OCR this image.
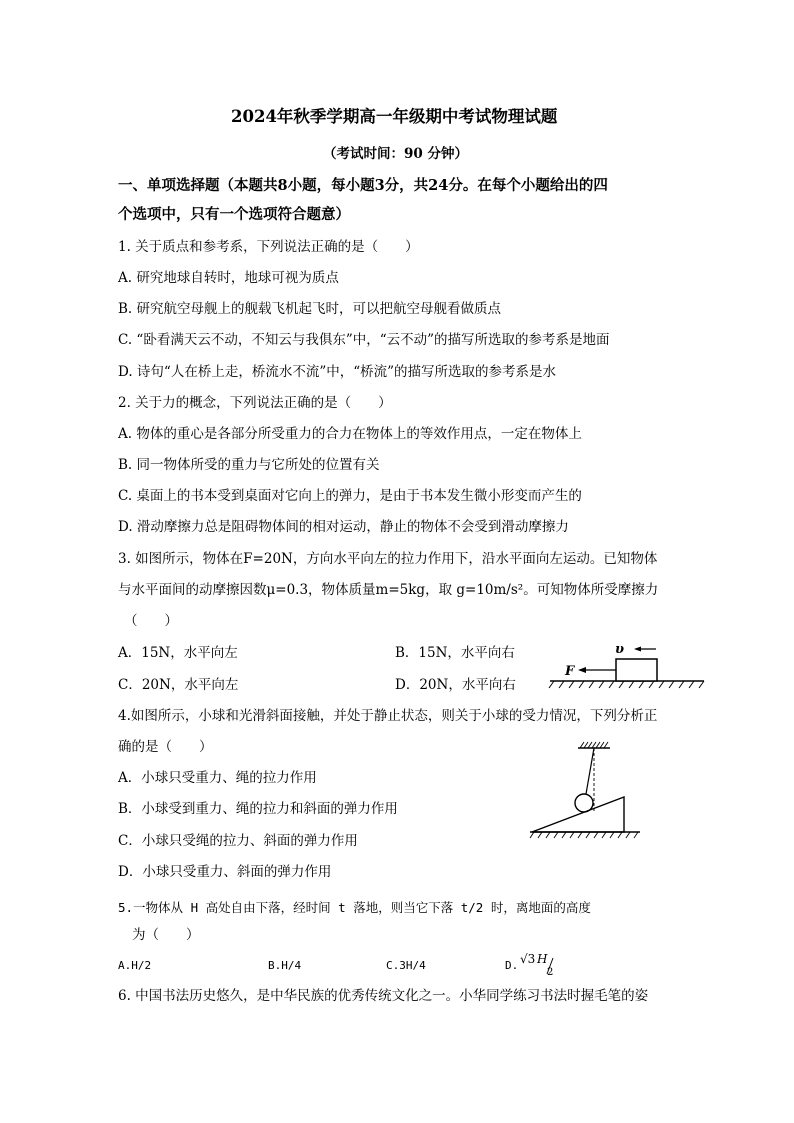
2024年秋季学期高一年级期中考试物理试题
（考试时间：90 分钟）
一、单项选择题（本题共8小题，每小题3分，共24分。在每个小题给出的四
个选项中，只有一个选项符合题意）
1. 关于质点和参考系，下列说法正确的是（　　）
A. 研究地球自转时，地球可视为质点
B. 研究航空母舰上的舰载飞机起飞时，可以把航空母舰看做质点
C. “卧看满天云不动，不知云与我俱东”中，“云不动”的描写所选取的参考系是地面
D. 诗句“人在桥上走，桥流水不流”中，“桥流”的描写所选取的参考系是水
2. 关于力的概念，下列说法正确的是（　　）
A. 物体的重心是各部分所受重力的合力在物体上的等效作用点，一定在物体上
B. 同一物体所受的重力与它所处的位置有关
C. 桌面上的书本受到桌面对它向上的弹力，是由于书本发生微小形变而产生的
D. 滑动摩擦力总是阻碍物体间的相对运动，静止的物体不会受到滑动摩擦力
3. 如图所示，物体在F=20N，方向水平向左的拉力作用下，沿水平面向左运动。已知物体
与水平面间的动摩擦因数μ=0.3，物体质量m=5kg，取 g=10m/s²。可知物体所受摩擦力
（　　）
A．15N，水平向左	B．15N，水平向右
C．20N，水平向左	D．20N，水平向右
F
υ
4.如图所示，小球和光滑斜面接触，并处于静止状态，则关于小球的受力情况，下列分析正
确的是（　　）
A．小球只受重力、绳的拉力作用
B．小球受到重力、绳的拉力和斜面的弹力作用
C．小球只受绳的拉力、斜面的弹力作用
D．小球只受重力、斜面的弹力作用
5.一物体从 H 高处自由下落，经时间 t 落地，则当它下落 t/2 时，离地面的高度
为（　　）
A.H/2	B.H/4	C.3H/4	D. √3 H
2
6. 中国书法历史悠久，是中华民族的优秀传统文化之一。小华同学练习书法时握毛笔的姿
